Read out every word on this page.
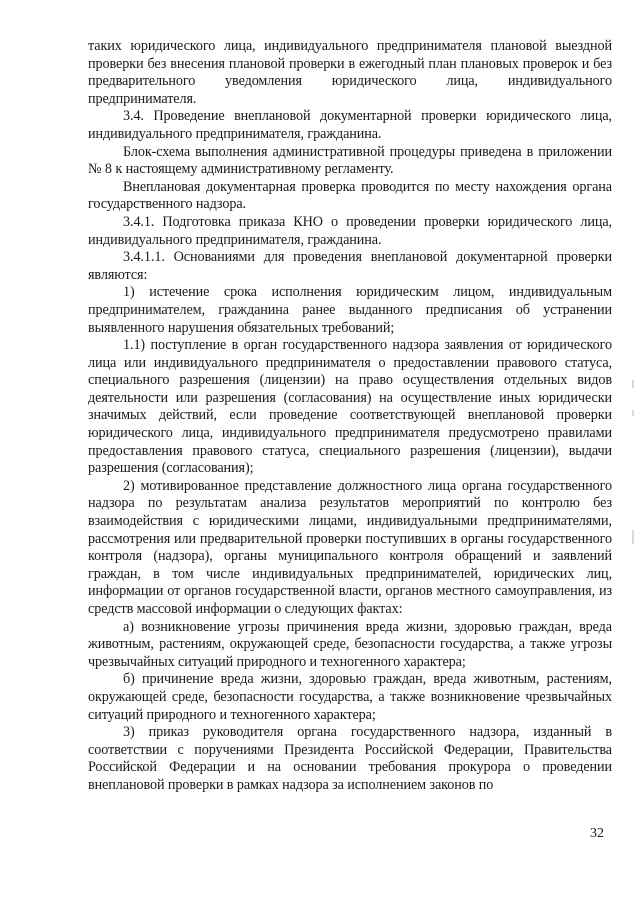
таких юридического лица, индивидуального предпринимателя плановой выездной проверки без внесения плановой проверки в ежегодный план плановых проверок и без предварительного уведомления юридического лица, индивидуального предпринимателя.

3.4. Проведение внеплановой документарной проверки юридического лица, индивидуального предпринимателя, гражданина.

Блок-схема выполнения административной процедуры приведена в приложении № 8 к настоящему административному регламенту.

Внеплановая документарная проверка проводится по месту нахождения органа государственного надзора.

3.4.1. Подготовка приказа КНО о проведении проверки юридического лица, индивидуального предпринимателя, гражданина.

3.4.1.1. Основаниями для проведения внеплановой документарной проверки являются:

1) истечение срока исполнения юридическим лицом, индивидуальным предпринимателем, гражданина ранее выданного предписания об устранении выявленного нарушения обязательных требований;

1.1) поступление в орган государственного надзора заявления от юридического лица или индивидуального предпринимателя о предоставлении правового статуса, специального разрешения (лицензии) на право осуществления отдельных видов деятельности или разрешения (согласования) на осуществление иных юридически значимых действий, если проведение соответствующей внеплановой проверки юридического лица, индивидуального предпринимателя предусмотрено правилами предоставления правового статуса, специального разрешения (лицензии), выдачи разрешения (согласования);

2) мотивированное представление должностного лица органа государственного надзора по результатам анализа результатов мероприятий по контролю без взаимодействия с юридическими лицами, индивидуальными предпринимателями, рассмотрения или предварительной проверки поступивших в органы государственного контроля (надзора), органы муниципального контроля обращений и заявлений граждан, в том числе индивидуальных предпринимателей, юридических лиц, информации от органов государственной власти, органов местного самоуправления, из средств массовой информации о следующих фактах:

а) возникновение угрозы причинения вреда жизни, здоровью граждан, вреда животным, растениям, окружающей среде, безопасности государства, а также угрозы чрезвычайных ситуаций природного и техногенного характера;

б) причинение вреда жизни, здоровью граждан, вреда животным, растениям, окружающей среде, безопасности государства, а также возникновение чрезвычайных ситуаций природного и техногенного характера;

3) приказ руководителя органа государственного надзора, изданный в соответствии с поручениями Президента Российской Федерации, Правительства Российской Федерации и на основании требования прокурора о проведении внеплановой проверки в рамках надзора за исполнением законов по

32
